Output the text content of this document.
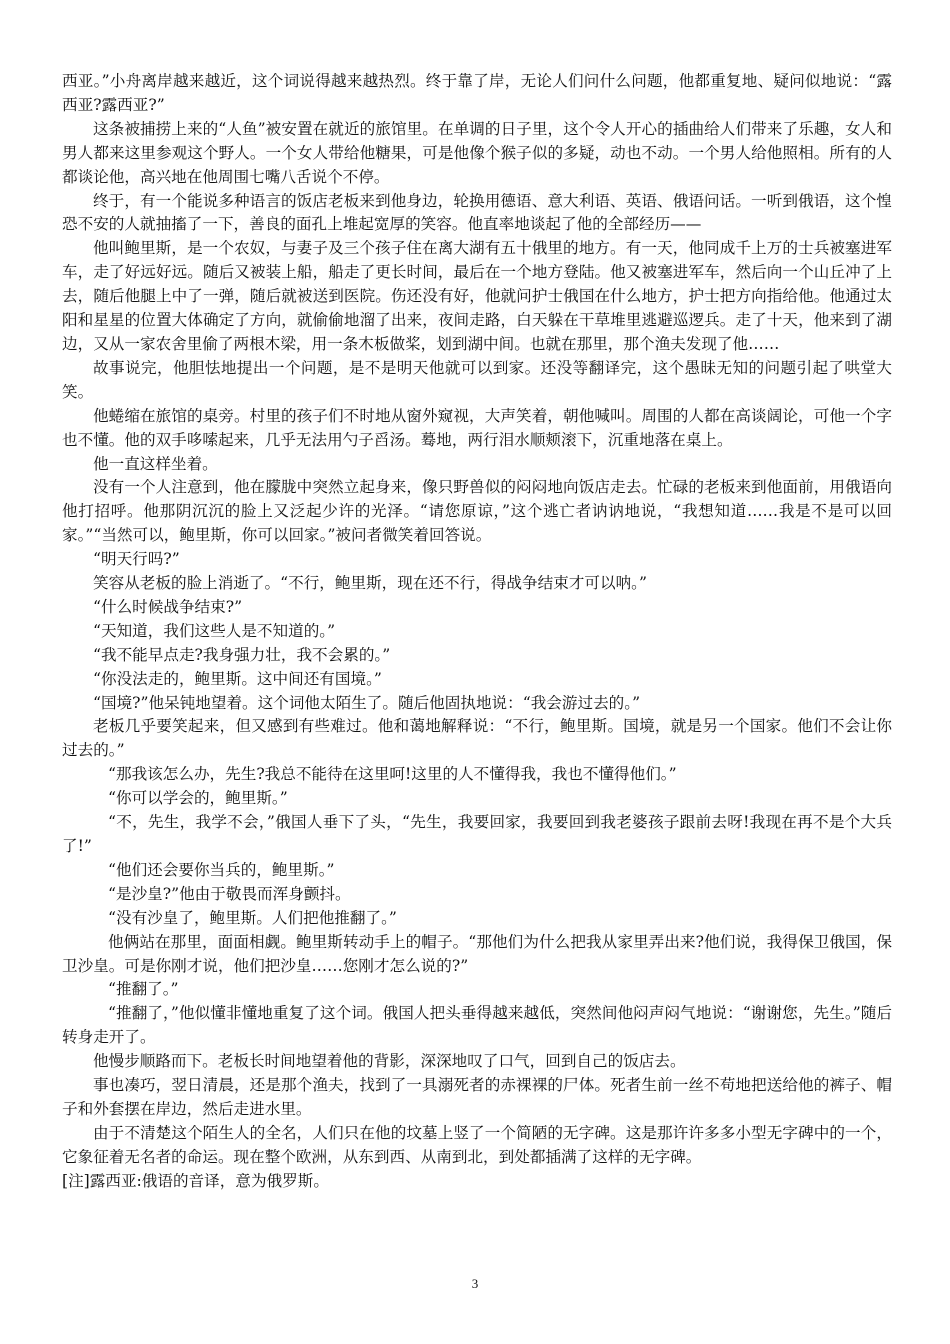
西亚。”小舟离岸越来越近，这个词说得越来越热烈。终于靠了岸，无论人们问什么问题，他都重复地、疑问似地说：“露西亚?露西亚?”

这条被捕捞上来的“人鱼”被安置在就近的旅馆里。在单调的日子里，这个令人开心的插曲给人们带来了乐趣，女人和男人都来这里参观这个野人。一个女人带给他糖果，可是他像个猴子似的多疑，动也不动。一个男人给他照相。所有的人都谈论他，高兴地在他周围七嘴八舌说个不停。

终于，有一个能说多种语言的饭店老板来到他身边，轮换用德语、意大利语、英语、俄语问话。一听到俄语，这个惶恐不安的人就抽搐了一下，善良的面孔上堆起宽厚的笑容。他直率地谈起了他的全部经历——

他叫鲍里斯，是一个农奴，与妻子及三个孩子住在离大湖有五十俄里的地方。有一天，他同成千上万的士兵被塞进军车，走了好远好远。随后又被装上船，船走了更长时间，最后在一个地方登陆。他又被塞进军车，然后向一个山丘冲了上去，随后他腿上中了一弹，随后就被送到医院。伤还没有好，他就问护士俄国在什么地方，护士把方向指给他。他通过太阳和星星的位置大体确定了方向，就偷偷地溜了出来，夜间走路，白天躲在干草堆里逃避巡逻兵。走了十天，他来到了湖边，又从一家农舍里偷了两根木梁，用一条木板做桨，划到湖中间。也就在那里，那个渔夫发现了他……

故事说完，他胆怯地提出一个问题，是不是明天他就可以到家。还没等翻译完，这个愚昧无知的问题引起了哄堂大笑。

他蜷缩在旅馆的桌旁。村里的孩子们不时地从窗外窥视，大声笑着，朝他喊叫。周围的人都在高谈阔论，可他一个字也不懂。他的双手哆嗦起来，几乎无法用勺子舀汤。蓦地，两行泪水顺颊滚下，沉重地落在桌上。

他一直这样坐着。

没有一个人注意到，他在朦胧中突然立起身来，像只野兽似的闷闷地向饭店走去。忙碌的老板来到他面前，用俄语向他打招呼。他那阴沉沉的脸上又泛起少许的光泽。“请您原谅，”这个逃亡者讷讷地说，“我想知道……我是不是可以回家。”“当然可以，鲍里斯，你可以回家。”被问者微笑着回答说。

“明天行吗?”

笑容从老板的脸上消逝了。“不行，鲍里斯，现在还不行，得战争结束才可以呐。”

“什么时候战争结束?”

“天知道，我们这些人是不知道的。”

“我不能早点走?我身强力壮，我不会累的。”

“你没法走的，鲍里斯。这中间还有国境。”

“国境?”他呆钝地望着。这个词他太陌生了。随后他固执地说：“我会游过去的。”

老板几乎要笑起来，但又感到有些难过。他和蔼地解释说：“不行，鲍里斯。国境，就是另一个国家。他们不会让你过去的。”

“那我该怎么办，先生?我总不能待在这里呵!这里的人不懂得我，我也不懂得他们。”

“你可以学会的，鲍里斯。”

“不，先生，我学不会，”俄国人垂下了头，“先生，我要回家，我要回到我老婆孩子跟前去呀!我现在再不是个大兵了!”

“他们还会要你当兵的，鲍里斯。”

“是沙皇?”他由于敬畏而浑身颤抖。

“没有沙皇了，鲍里斯。人们把他推翻了。”

他俩站在那里，面面相觑。鲍里斯转动手上的帽子。“那他们为什么把我从家里弄出来?他们说，我得保卫俄国，保卫沙皇。可是你刚才说，他们把沙皇……您刚才怎么说的?”

“推翻了。”

“推翻了，”他似懂非懂地重复了这个词。俄国人把头垂得越来越低，突然间他闷声闷气地说：“谢谢您，先生。”随后转身走开了。

他慢步顺路而下。老板长时间地望着他的背影，深深地叹了口气，回到自己的饭店去。

事也凑巧，翌日清晨，还是那个渔夫，找到了一具溺死者的赤裸裸的尸体。死者生前一丝不苟地把送给他的裤子、帽子和外套摆在岸边，然后走进水里。

由于不清楚这个陌生人的全名，人们只在他的坟墓上竖了一个简陋的无字碑。这是那许许多多小型无字碑中的一个，它象征着无名者的命运。现在整个欧洲，从东到西、从南到北，到处都插满了这样的无字碑。

[注]露西亚:俄语的音译，意为俄罗斯。

3
